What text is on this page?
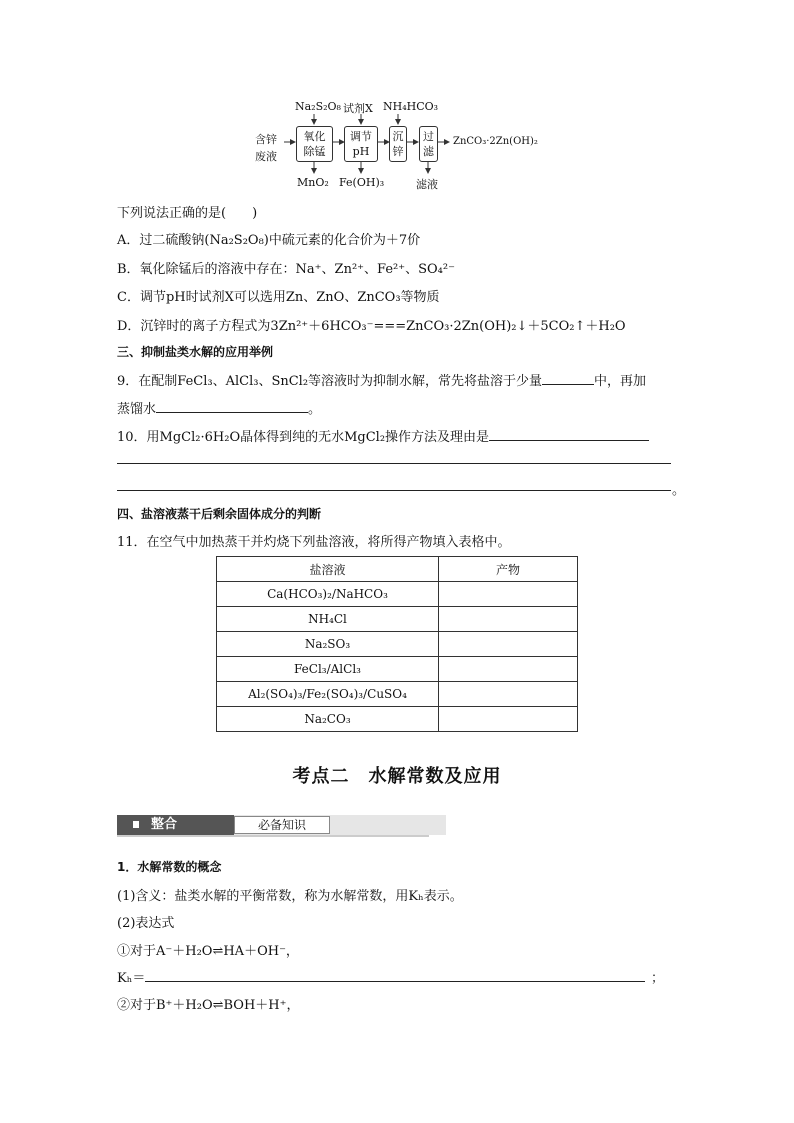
Na₂S₂O₈ 试剂X NH₄HCO₃
含锌
废液
氧化
除锰
调节
pH
沉
锌
过
滤
ZnCO₃·2Zn(OH)₂
MnO₂ Fe(OH)₃	滤液
下列说法正确的是(　　)
A．过二硫酸钠(Na₂S₂O₈)中硫元素的化合价为＋7价
B．氧化除锰后的溶液中存在：Na⁺、Zn²⁺、Fe²⁺、SO₄²⁻
C．调节pH时试剂X可以选用Zn、ZnO、ZnCO₃等物质
D．沉锌时的离子方程式为3Zn²⁺＋6HCO₃⁻===ZnCO₃·2Zn(OH)₂↓＋5CO₂↑＋H₂O
三、抑制盐类水解的应用举例
9．在配制FeCl₃、AlCl₃、SnCl₂等溶液时为抑制水解，常先将盐溶于少量	中，再加
蒸馏水	。
10．用MgCl₂·6H₂O晶体得到纯的无水MgCl₂操作方法及理由是
。
四、盐溶液蒸干后剩余固体成分的判断
11．在空气中加热蒸干并灼烧下列盐溶液，将所得产物填入表格中。
盐溶液	产物
Ca(HCO₃)₂/NaHCO₃	
NH₄Cl	
Na₂SO₃	
FeCl₃/AlCl₃	
Al₂(SO₄)₃/Fe₂(SO₄)₃/CuSO₄	
Na₂CO₃	
考点二　水解常数及应用
整合	必备知识
1．水解常数的概念
(1)含义：盐类水解的平衡常数，称为水解常数，用Kₕ表示。
(2)表达式
①对于A⁻＋H₂O⇌HA＋OH⁻，
Kₕ＝	；
②对于B⁺＋H₂O⇌BOH＋H⁺，
